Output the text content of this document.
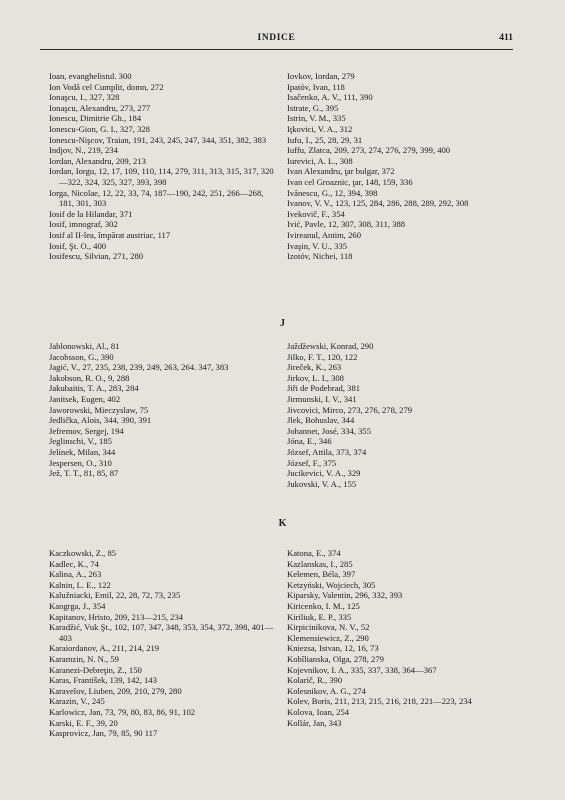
INDICE	411
Ioan, evanghelistul. 300
Ion Vodă cel Cumplit, domn, 272
Ionaşcu, I., 327, 328
Ionaşcu, Alexandru, 273, 277
Ionescu, Dimitrie Gh., 184
Ionescu-Gion, G. I., 327, 328
Ionescu-Nişcov, Traian, 191, 243, 245, 247, 344, 351, 382, 383
Indjov, N., 219, 234
Iordan, Alexandru, 209, 213
Iordan, Iorgu, 12, 17, 109, 110, 114, 279, 311, 313, 315, 317, 320—322, 324, 325, 327, 393, 398
Iorga, Nicolae, 12, 22, 33, 74, 187—190, 242, 251, 266—268, 181, 301, 303
Iosif de la Hilandar, 371
Iosif, imnograf, 302
Iosif al II-lea, împărat austriac, 117
Iosif, Şt. O., 400
Iosifescu, Silvian, 271, 280
Iovkov, Iordan, 279
Ipatóv, Ivan, 118
Isačenko, A. V., 111, 390
Istrate, G., 395
Istrin, V. M., 335
Iţkovici, V. A., 312
Iufu, I., 25, 28, 29, 31
Iuffu, Zlatca, 209, 273, 274, 276, 279, 399, 400
Iurevici, A. L., 308
Ivan Alexandru, ţar bulgar, 372
Ivan cel Groaznic, ţar, 148, 159, 336
Ivănescu, G., 12, 394, 398
Ivanov, V. V., 123, 125, 284, 286, 288, 289, 292, 308
Ivekovič, F., 354
Ivić, Pavle, 12, 307, 308, 311, 388
Ivireanul, Antim, 260
Ivaşin, V. U., 335
Izotóv, Nichei, 118
J
Jablonowski, Al., 81
Jacobsson, G., 390
Jagić, V., 27, 235, 238, 239, 249, 263, 264. 347, 383
Jakobson, R. O., 9, 288
Jakubaitis, T. A., 283, 284
Janitsek, Eugen, 402
Jaworowski, Mieczyslaw, 75
Jedlička, Alois, 344, 390, 391
Jefremov, Sergej, 194
Jeglinschi, V., 185
Jelínek, Milan, 344
Jespersen, O., 310
Jež, T. T., 81, 85, 87
Jaždžewski, Konrad, 290
Jilko, F. T., 120, 122
Jireček, K., 263
Jirkov, L. I., 308
Jiři de Podebrad, 381
Jirmunski, I. V., 341
Jivcovici, Mirco, 273, 276, 278, 279
Jlek, Bohuslav, 344
Johannet, José, 334, 355
Jóna, E., 346
József, Attila, 373, 374
József, F., 375
Jucikevici, V. A., 329
Jukovski, V. A., 155
K
Kaczkowski, Z., 85
Kadlec, K., 74
Kalina, A., 263
Kalnin, L. E., 122
Kalužniacki, Emil, 22, 28, 72, 73, 235
Kangrga, J., 354
Kapitanov, Hristo, 209, 213—215, 234
Karadžić, Vuk Şt., 102, 107, 347, 348, 353, 354, 372, 398, 401—403
Karaiordanov, A., 211, 214, 219
Karamzin, N. N., 59
Karanezi-Debreţin, Z., 150
Karas, František, 139, 142, 143
Karavelov, Liuben, 209, 210, 279, 280
Karazin, V., 245
Karlowicz, Jan, 73, 79, 80, 83, 86, 91, 102
Karski, E. F., 39, 20
Kasprovicz, Jan, 79, 85, 90 117
Katona, E., 374
Kazlanskas, I., 285
Kelemen, Béla, 397
Ketzyński, Wojciech, 305
Kiparsky, Valentin, 296, 332, 393
Kiricenko, I. M., 125
Kiriliuk, E. P., 335
Kirpicinikova, N. V., 52
Klemensiewicz, Z., 290
Kniezsa, Istvan, 12, 16, 73
Kobîlianska, Olga, 278, 279
Kojevnikov, I. A., 335, 337, 338, 364—367
Kolarič, R., 390
Kolesnikov, A. G., 274
Kolev, Boris, 211, 213, 215, 216, 218, 221—223, 234
Kolova, Ioan, 254
Kollár, Jan, 343
